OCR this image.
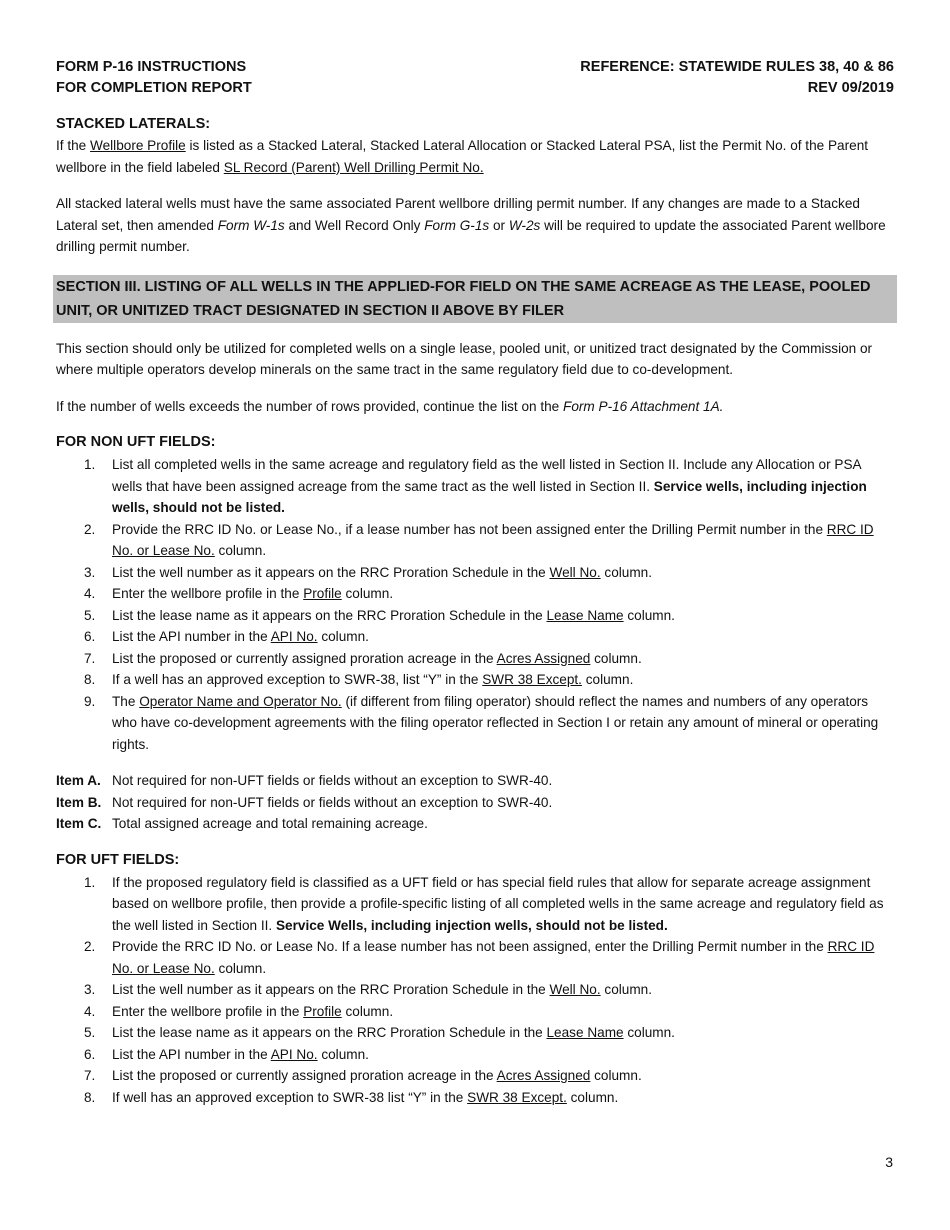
FORM P-16 INSTRUCTIONS
FOR COMPLETION REPORT
REFERENCE: STATEWIDE RULES 38, 40 & 86
REV 09/2019
STACKED LATERALS:

If the Wellbore Profile is listed as a Stacked Lateral, Stacked Lateral Allocation or Stacked Lateral PSA, list the Permit No. of the Parent wellbore in the field labeled SL Record (Parent) Well Drilling Permit No.

All stacked lateral wells must have the same associated Parent wellbore drilling permit number. If any changes are made to a Stacked Lateral set, then amended Form W-1s and Well Record Only Form G-1s or W-2s will be required to update the associated Parent wellbore drilling permit number.

SECTION III. LISTING OF ALL WELLS IN THE APPLIED-FOR FIELD ON THE SAME ACREAGE AS THE LEASE, POOLED UNIT, OR UNITIZED TRACT DESIGNATED IN SECTION II ABOVE BY FILER

This section should only be utilized for completed wells on a single lease, pooled unit, or unitized tract designated by the Commission or where multiple operators develop minerals on the same tract in the same regulatory field due to co-development.

If the number of wells exceeds the number of rows provided, continue the list on the Form P-16 Attachment 1A.

FOR NON UFT FIELDS:
1. List all completed wells in the same acreage and regulatory field as the well listed in Section II. Include any Allocation or PSA wells that have been assigned acreage from the same tract as the well listed in Section II. Service wells, including injection wells, should not be listed.
2. Provide the RRC ID No. or Lease No., if a lease number has not been assigned enter the Drilling Permit number in the RRC ID No. or Lease No. column.
3. List the well number as it appears on the RRC Proration Schedule in the Well No. column.
4. Enter the wellbore profile in the Profile column.
5. List the lease name as it appears on the RRC Proration Schedule in the Lease Name column.
6. List the API number in the API No. column.
7. List the proposed or currently assigned proration acreage in the Acres Assigned column.
8. If a well has an approved exception to SWR-38, list “Y” in the SWR 38 Except. column.
9. The Operator Name and Operator No. (if different from filing operator) should reflect the names and numbers of any operators who have co-development agreements with the filing operator reflected in Section I or retain any amount of mineral or operating rights.
Item A. Not required for non-UFT fields or fields without an exception to SWR-40.
Item B. Not required for non-UFT fields or fields without an exception to SWR-40.
Item C. Total assigned acreage and total remaining acreage.
FOR UFT FIELDS:
1. If the proposed regulatory field is classified as a UFT field or has special field rules that allow for separate acreage assignment based on wellbore profile, then provide a profile-specific listing of all completed wells in the same acreage and regulatory field as the well listed in Section II. Service Wells, including injection wells, should not be listed.
2. Provide the RRC ID No. or Lease No. If a lease number has not been assigned, enter the Drilling Permit number in the RRC ID No. or Lease No. column.
3. List the well number as it appears on the RRC Proration Schedule in the Well No. column.
4. Enter the wellbore profile in the Profile column.
5. List the lease name as it appears on the RRC Proration Schedule in the Lease Name column.
6. List the API number in the API No. column.
7. List the proposed or currently assigned proration acreage in the Acres Assigned column.
8. If well has an approved exception to SWR-38 list “Y” in the SWR 38 Except. column.
3
